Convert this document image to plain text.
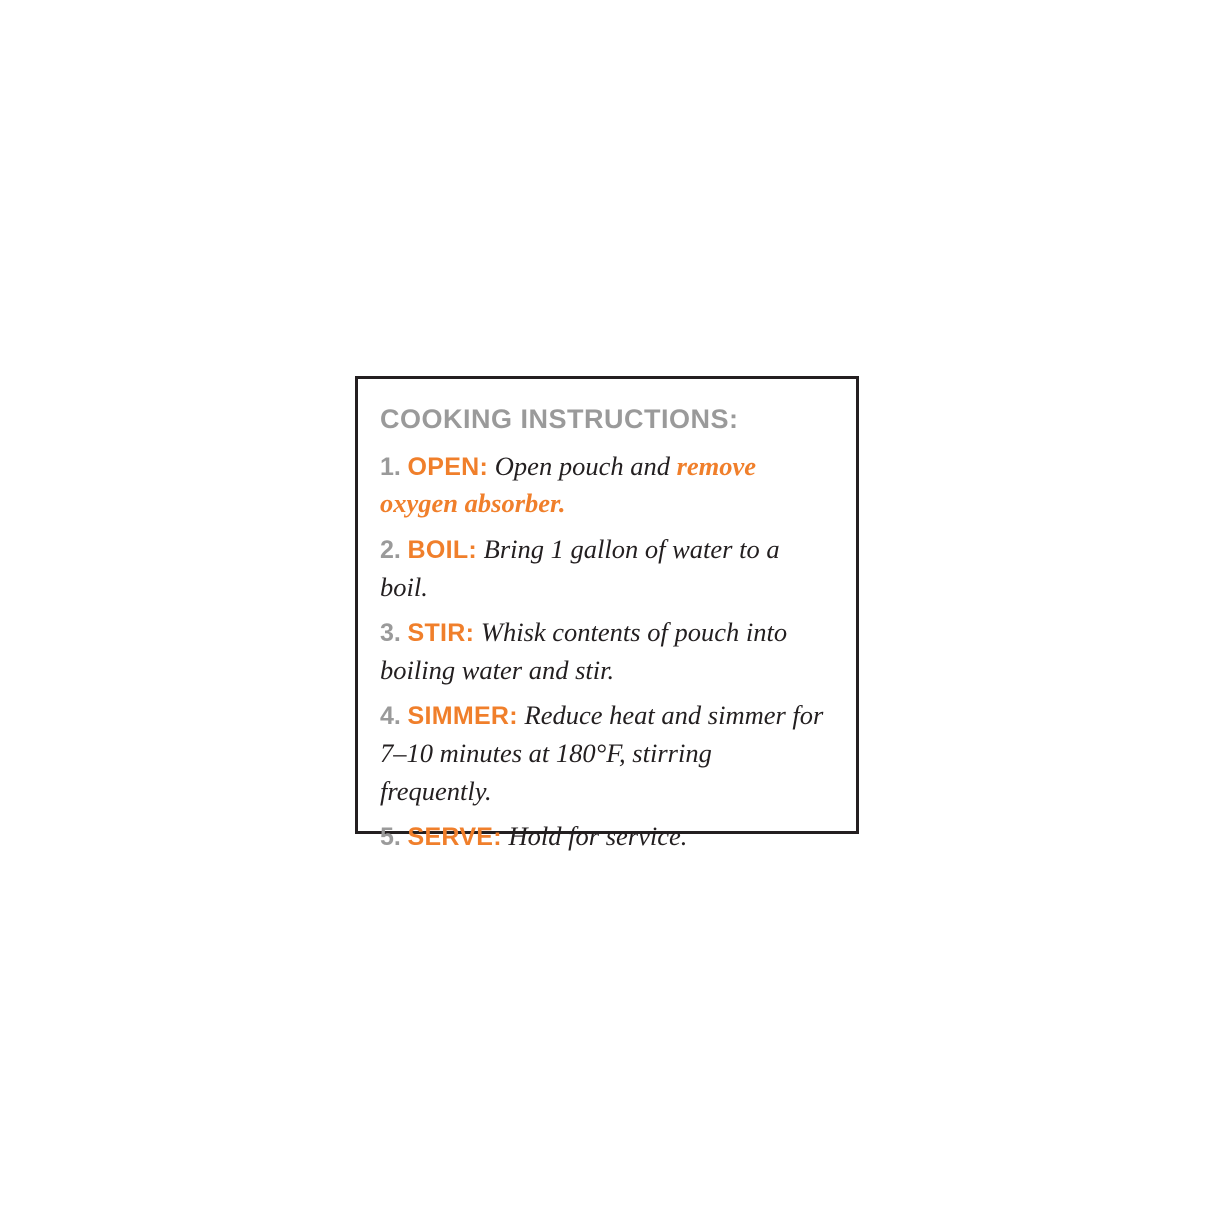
COOKING INSTRUCTIONS:

1. OPEN: Open pouch and remove oxygen absorber.

2. BOIL: Bring 1 gallon of water to a boil.

3. STIR: Whisk contents of pouch into boiling water and stir.

4. SIMMER: Reduce heat and simmer for 7–10 minutes at 180°F, stirring frequently.

5. SERVE: Hold for service.
